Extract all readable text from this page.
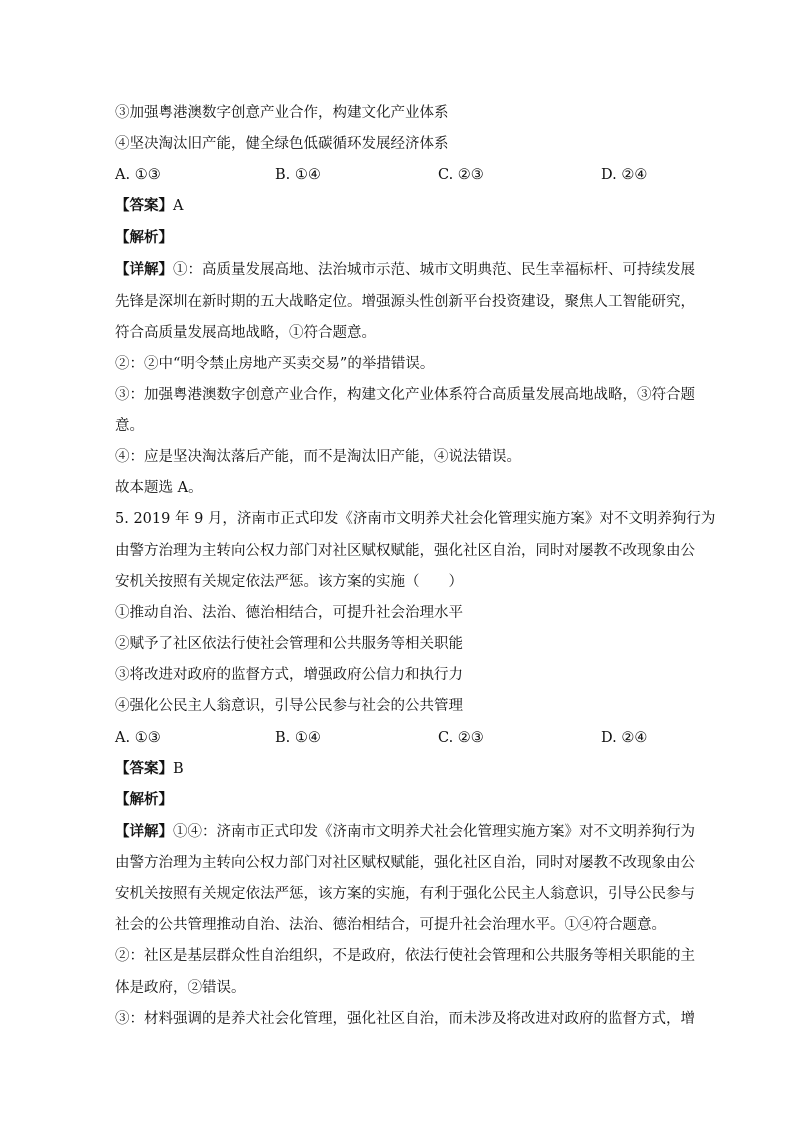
③加强粤港澳数字创意产业合作，构建文化产业体系
④坚决淘汰旧产能，健全绿色低碳循环发展经济体系
A. ①③	B. ①④	C. ②③	D. ②④
【答案】A
【解析】
【详解】①：高质量发展高地、法治城市示范、城市文明典范、民生幸福标杆、可持续发展
先锋是深圳在新时期的五大战略定位。增强源头性创新平台投资建设，聚焦人工智能研究，
符合高质量发展高地战略，①符合题意。
②：②中“明令禁止房地产买卖交易”的举措错误。
③：加强粤港澳数字创意产业合作，构建文化产业体系符合高质量发展高地战略，③符合题
意。
④：应是坚决淘汰落后产能，而不是淘汰旧产能，④说法错误。
故本题选 A。
5. 2019 年 9 月，济南市正式印发《济南市文明养犬社会化管理实施方案》对不文明养狗行为
由警方治理为主转向公权力部门对社区赋权赋能，强化社区自治，同时对屡教不改现象由公
安机关按照有关规定依法严惩。该方案的实施（　　）
①推动自治、法治、德治相结合，可提升社会治理水平
②赋予了社区依法行使社会管理和公共服务等相关职能
③将改进对政府的监督方式，增强政府公信力和执行力
④强化公民主人翁意识，引导公民参与社会的公共管理
A. ①③	B. ①④	C. ②③	D. ②④
【答案】B
【解析】
【详解】①④：济南市正式印发《济南市文明养犬社会化管理实施方案》对不文明养狗行为
由警方治理为主转向公权力部门对社区赋权赋能，强化社区自治，同时对屡教不改现象由公
安机关按照有关规定依法严惩，该方案的实施，有利于强化公民主人翁意识，引导公民参与
社会的公共管理推动自治、法治、德治相结合，可提升社会治理水平。①④符合题意。
②：社区是基层群众性自治组织，不是政府，依法行使社会管理和公共服务等相关职能的主
体是政府，②错误。
③：材料强调的是养犬社会化管理，强化社区自治，而未涉及将改进对政府的监督方式，增
